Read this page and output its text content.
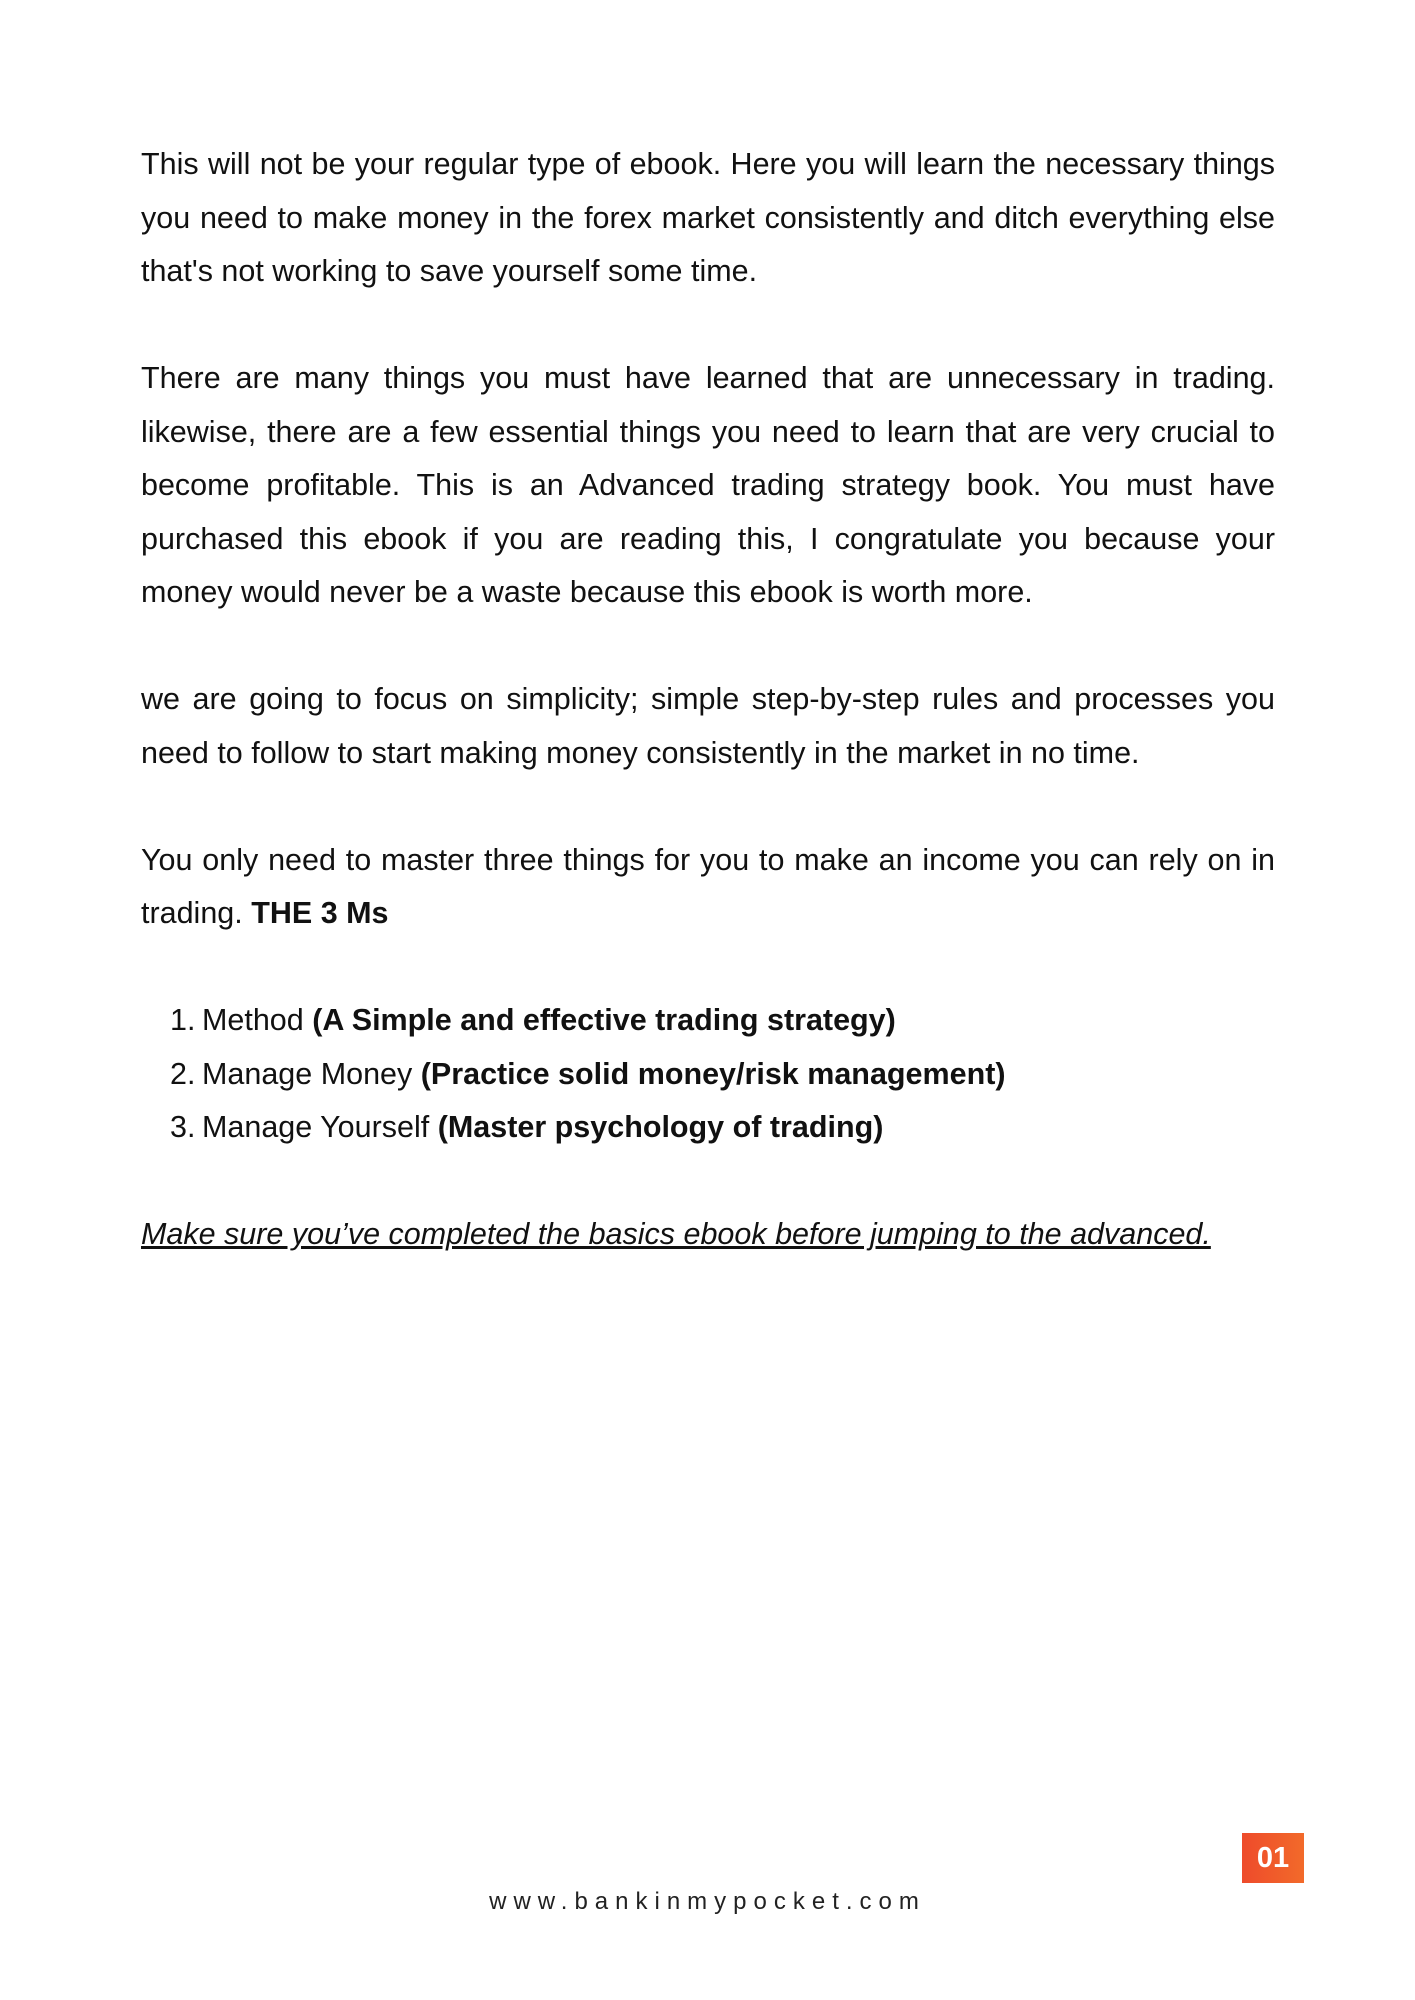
This will not be your regular type of ebook. Here you will learn the necessary things you need to make money in the forex market consistently and ditch everything else that's not working to save yourself some time.

There are many things you must have learned that are unnecessary in trading. likewise, there are a few essential things you need to learn that are very crucial to become profitable. This is an Advanced trading strategy book. You must have purchased this ebook if you are reading this, I congratulate you because your money would never be a waste because this ebook is worth more.

we are going to focus on simplicity; simple step-by-step rules and processes you need to follow to start making money consistently in the market in no time.

You only need to master three things for you to make an income you can rely on in trading. THE 3 Ms

1. Method (A Simple and effective trading strategy)
2. Manage Money (Practice solid money/risk management)
3. Manage Yourself (Master psychology of trading)

Make sure you’ve completed the basics ebook before jumping to the advanced.

01
www.bankinmypocket.com
